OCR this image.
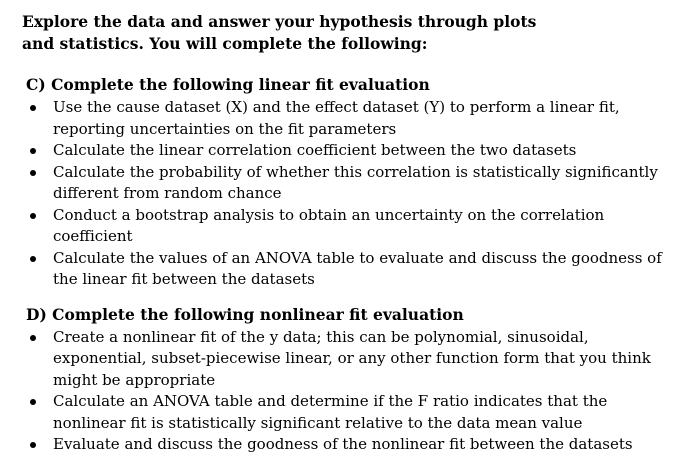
Explore the data and answer your hypothesis through plots and statistics. You will complete the following:

C) Complete the following linear fit evaluation

Use the cause dataset (X) and the effect dataset (Y) to perform a linear fit, reporting uncertainties on the fit parameters
Calculate the linear correlation coefficient between the two datasets
Calculate the probability of whether this correlation is statistically significantly different from random chance
Conduct a bootstrap analysis to obtain an uncertainty on the correlation coefficient
Calculate the values of an ANOVA table to evaluate and discuss the goodness of the linear fit between the datasets

D) Complete the following nonlinear fit evaluation

Create a nonlinear fit of the y data; this can be polynomial, sinusoidal, exponential, subset-piecewise linear, or any other function form that you think might be appropriate
Calculate an ANOVA table and determine if the F ratio indicates that the nonlinear fit is statistically significant relative to the data mean value
Evaluate and discuss the goodness of the nonlinear fit between the datasets
